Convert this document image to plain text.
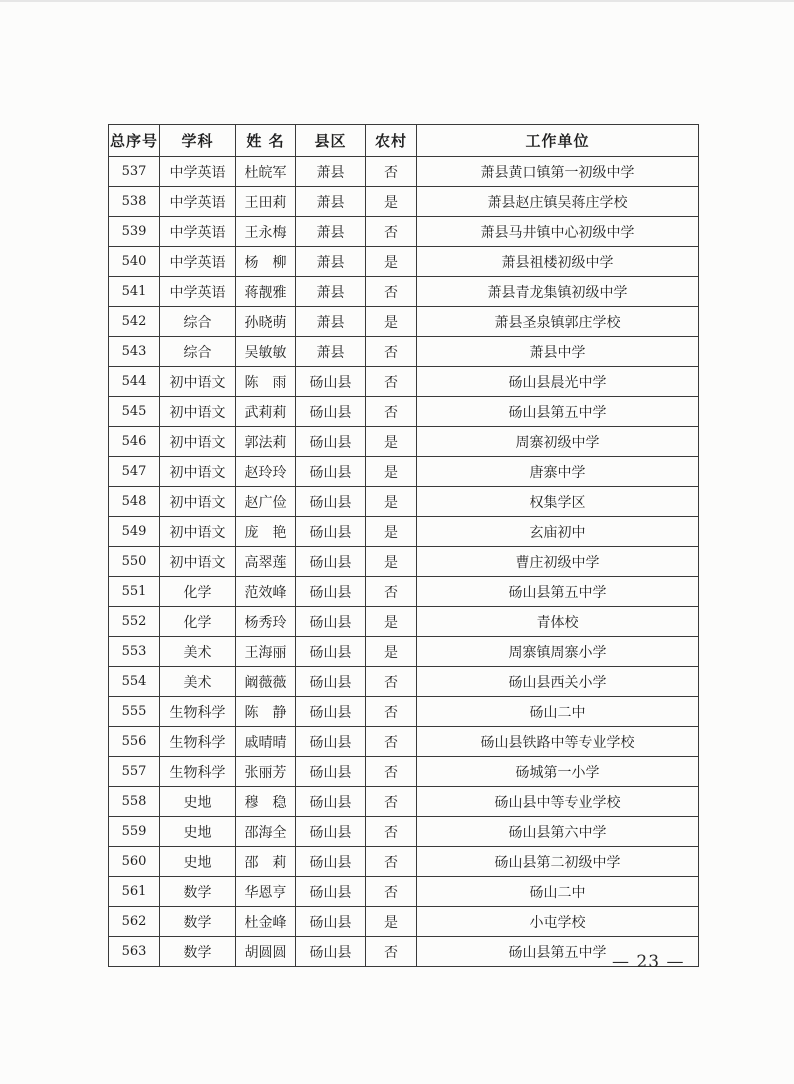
总序号	学科	姓 名	县区	农村	工作单位
537	中学英语	杜皖军	萧县	否	萧县黄口镇第一初级中学
538	中学英语	王田莉	萧县	是	萧县赵庄镇吴蒋庄学校
539	中学英语	王永梅	萧县	否	萧县马井镇中心初级中学
540	中学英语	杨　柳	萧县	是	萧县祖楼初级中学
541	中学英语	蒋靓雅	萧县	否	萧县青龙集镇初级中学
542	综合	孙晓萌	萧县	是	萧县圣泉镇郭庄学校
543	综合	吴敏敏	萧县	否	萧县中学
544	初中语文	陈　雨	砀山县	否	砀山县晨光中学
545	初中语文	武莉莉	砀山县	否	砀山县第五中学
546	初中语文	郭法莉	砀山县	是	周寨初级中学
547	初中语文	赵玲玲	砀山县	是	唐寨中学
548	初中语文	赵广俭	砀山县	是	权集学区
549	初中语文	庞　艳	砀山县	是	玄庙初中
550	初中语文	高翠莲	砀山县	是	曹庄初级中学
551	化学	范效峰	砀山县	否	砀山县第五中学
552	化学	杨秀玲	砀山县	是	青体校
553	美术	王海丽	砀山县	是	周寨镇周寨小学
554	美术	阚薇薇	砀山县	否	砀山县西关小学
555	生物科学	陈　静	砀山县	否	砀山二中
556	生物科学	戚晴晴	砀山县	否	砀山县铁路中等专业学校
557	生物科学	张丽芳	砀山县	否	砀城第一小学
558	史地	穆　稳	砀山县	否	砀山县中等专业学校
559	史地	邵海全	砀山县	否	砀山县第六中学
560	史地	邵　莉	砀山县	否	砀山县第二初级中学
561	数学	华恩亨	砀山县	否	砀山二中
562	数学	杜金峰	砀山县	是	小屯学校
563	数学	胡圆圆	砀山县	否	砀山县第五中学 — 23 —
